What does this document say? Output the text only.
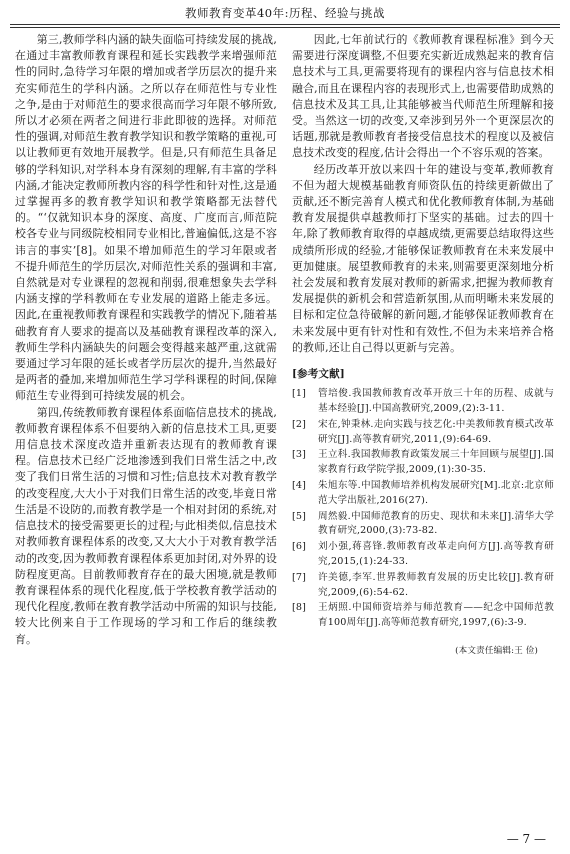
教师教育变革40年:历程、经验与挑战

第三,教师学科内涵的缺失面临可持续发展的挑战,在通过丰富教师教育课程和延长实践教学来增强师范性的同时,急待学习年限的增加或者学历层次的提升来充实师范生的学科内涵。之所以存在师范性与专业性之争,是由于对师范生的要求很高而学习年限不够所致,所以才必须在两者之间进行非此即彼的选择。对师范性的强调,对师范生教育教学知识和教学策略的重视,可以让教师更有效地开展教学。但是,只有师范生具备足够的学科知识,对学科本身有深刻的理解,有丰富的学科内涵,才能决定教师所教内容的科学性和针对性,这是通过掌握再多的教育教学知识和教学策略都无法替代的。“‘仅就知识本身的深度、高度、广度而言,师范院校各专业与同级院校相同专业相比,普遍偏低,这是不容讳言的事实’[8]。如果不增加师范生的学习年限或者不提升师范生的学历层次,对师范性关系的强调和丰富,自然就是对专业课程的忽视和削弱,很难想象失去学科内涵支撑的学科教师在专业发展的道路上能走多远。因此,在重视教师教育课程和实践教学的情况下,随着基础教育育人要求的提高以及基础教育课程改革的深入,教师生学科内涵缺失的问题会变得越来越严重,这就需要通过学习年限的延长或者学历层次的提升,当然最好是两者的叠加,来增加师范生学习学科课程的时间,保障师范生专业得到可持续发展的机会。

第四,传统教师教育课程体系面临信息技术的挑战,教师教育课程体系不但要纳入新的信息技术工具,更要用信息技术深度改造并重新表达现有的教师教育课程。信息技术已经广泛地渗透到我们日常生活之中,改变了我们日常生活的习惯和习性;信息技术对教育教学的改变程度,大大小于对我们日常生活的改变,毕竟日常生活是不设防的,而教育教学是一个相对封闭的系统,对信息技术的接受需要更长的过程;与此相类似,信息技术对教师教育课程体系的改变,又大大小于对教育教学活动的改变,因为教师教育课程体系更加封闭,对外界的设防程度更高。目前教师教育存在的最大困境,就是教师教育课程体系的现代化程度,低于学校教育教学活动的现代化程度,教师在教育教学活动中所需的知识与技能,较大比例来自于工作现场的学习和工作后的继续教育。

因此,七年前试行的《教师教育课程标准》到今天需要进行深度调整,不但要充实新近成熟起来的教育信息技术与工具,更需要将现有的课程内容与信息技术相融合,而且在课程内容的表现形式上,也需要借助成熟的信息技术及其工具,让其能够被当代师范生所理解和接受。当然这一切的改变,又牵涉到另外一个更深层次的话题,那就是教师教育者接受信息技术的程度以及被信息技术改变的程度,估计会得出一个不容乐观的答案。

经历改革开放以来四十年的建设与变革,教师教育不但为超大规模基础教育师资队伍的持续更新做出了贡献,还不断完善育人模式和优化教师教育体制,为基础教育发展提供卓越教师打下坚实的基础。过去的四十年,除了教师教育取得的卓越成绩,更需要总结取得这些成绩所形成的经验,才能够保证教师教育在未来发展中更加健康。展望教师教育的未来,则需要更深刻地分析社会发展和教育发展对教师的新需求,把握为教师教育发展提供的新机会和营造新氛围,从而明晰未来发展的目标和定位急待破解的新问题,才能够保证教师教育在未来发展中更有针对性和有效性,不但为未来培养合格的教师,还让自己得以更新与完善。

[参考文献]
[1]	管培俊.我国教师教育改革开放三十年的历程、成就与基本经验[J].中国高教研究,2009,(2):3-11.
[2]	宋在,钟秉林.走向实践与技艺化:中美教师教育模式改革研究[J].高等教育研究,2011,(9):64-69.
[3]	王立科.我国教师教育政策发展三十年回顾与展望[J].国家教育行政学院学报,2009,(1):30-35.
[4]	朱旭东等.中国教师培养机构发展研究[M].北京:北京师范大学出版社,2016(27).
[5]	周然毅.中国师范教育的历史、现状和未来[J].清华大学教育研究,2000,(3):73-82.
[6]	刘小强,蒋喜锋.教师教育改革走向何方[J].高等教育研究,2015,(1):24-33.
[7]	许美德,李军.世界教师教育发展的历史比较[J].教育研究,2009,(6):54-62.
[8]	王炳照.中国师资培养与师范教育——纪念中国师范教育100周年[J].高等师范教育研究,1997,(6):3-9.
(本文责任编辑:王 俭)
— 7 —
